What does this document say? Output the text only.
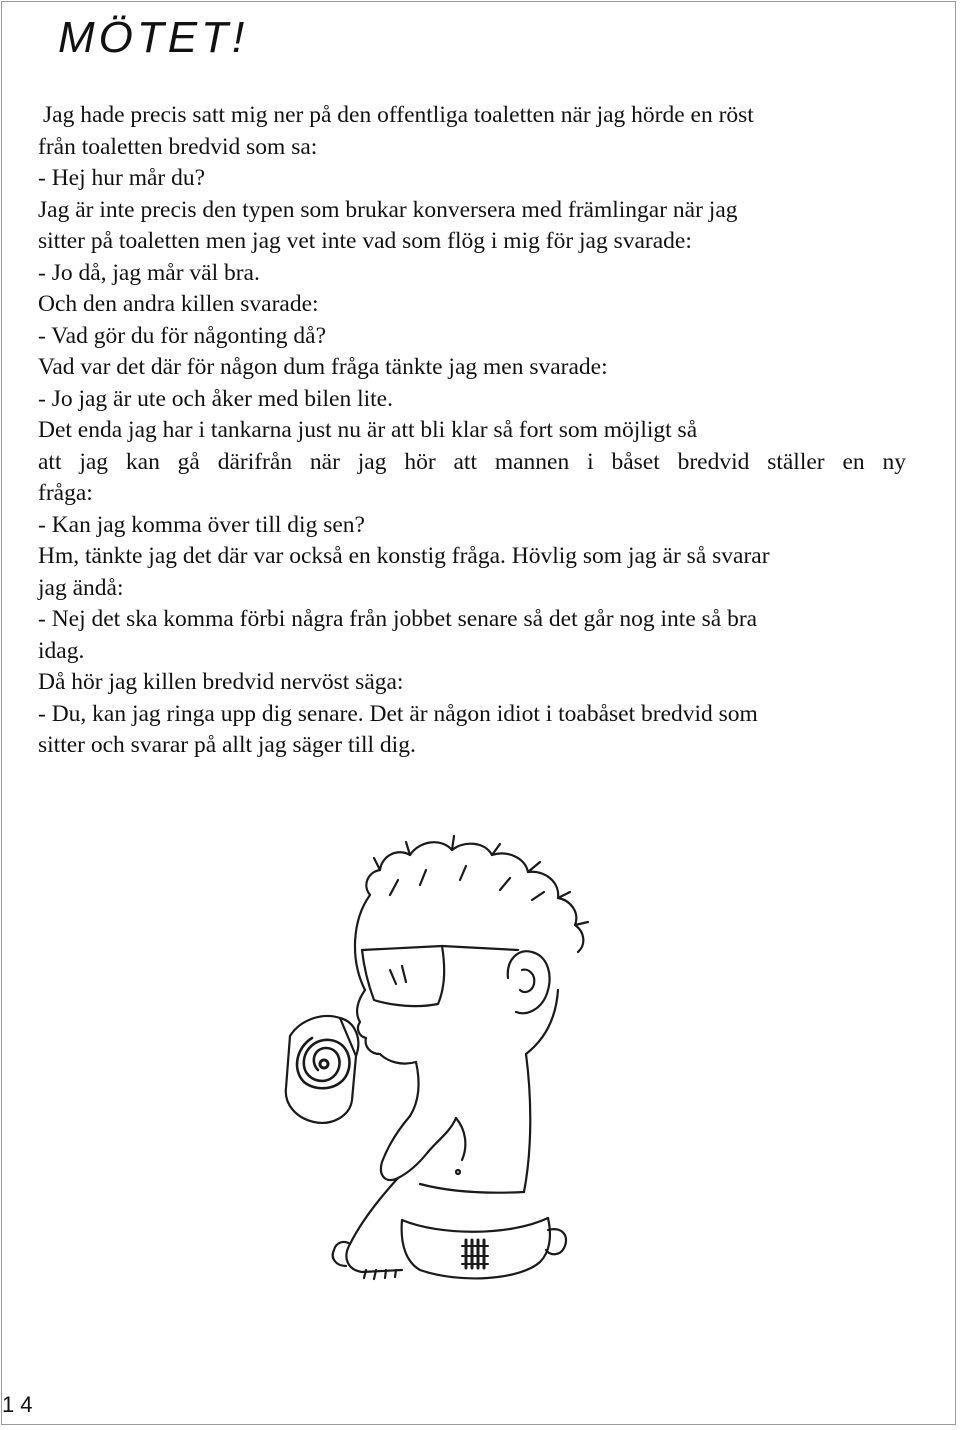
MÖTET!
Jag hade precis satt mig ner på den offentliga toaletten när jag hörde en röst
från toaletten bredvid som sa:
- Hej hur mår du?
Jag är inte precis den typen som brukar konversera med främlingar när jag
sitter på toaletten men jag vet inte vad som flög i mig för jag svarade:
- Jo då, jag mår väl bra.
Och den andra killen svarade:
- Vad gör du för någonting då?
Vad var det där för någon dum fråga tänkte jag men svarade:
- Jo jag är ute och åker med bilen lite.
Det enda jag har i tankarna just nu är att bli klar så fort som möjligt så
att jag kan gå därifrån när jag hör att mannen i båset bredvid ställer en ny
fråga:
- Kan jag komma över till dig sen?
Hm, tänkte jag det där var också en konstig fråga. Hövlig som jag är så svarar
jag ändå:
- Nej det ska komma förbi några från jobbet senare så det går nog inte så bra
idag.
Då hör jag killen bredvid nervöst säga:
- Du, kan jag ringa upp dig senare. Det är någon idiot i toabåset bredvid som
sitter och svarar på allt jag säger till dig.
14
